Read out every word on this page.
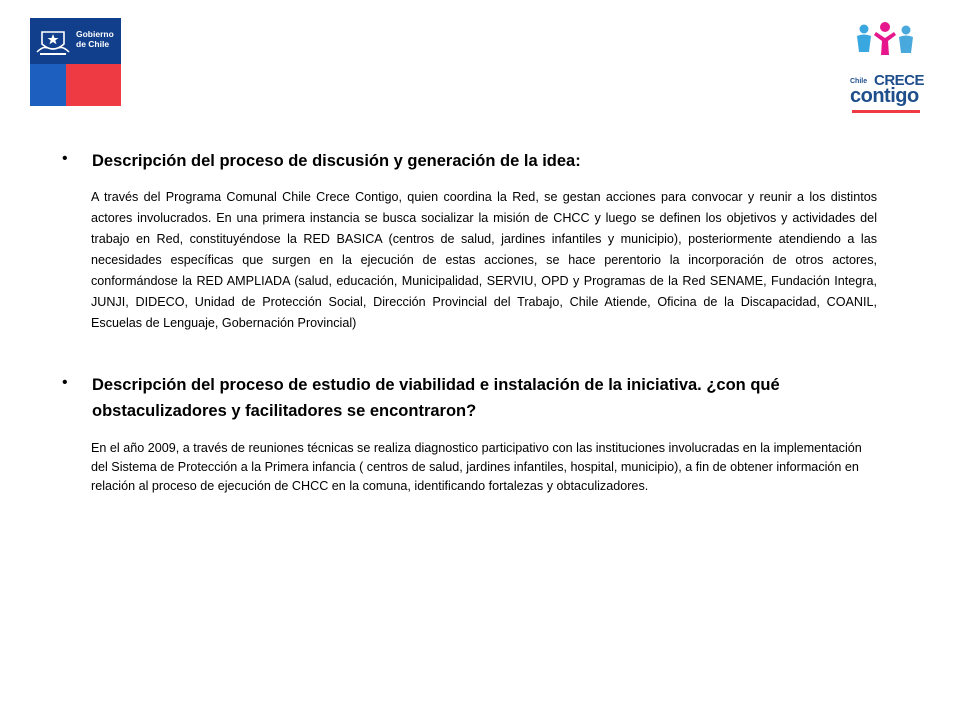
Gobierno
de Chile
Chile CRECE
contigo
• Descripción del proceso de discusión y generación de la idea:
A través del Programa Comunal Chile Crece Contigo, quien coordina la Red, se gestan acciones para convocar y reunir a los distintos actores involucrados. En una primera instancia se busca socializar la misión de CHCC y luego se definen los objetivos y actividades del trabajo en Red, constituyéndose la RED BASICA (centros de salud, jardines infantiles y municipio), posteriormente atendiendo a las necesidades específicas que surgen en la ejecución de estas acciones, se hace perentorio la incorporación de otros actores, conformándose la RED AMPLIADA (salud, educación, Municipalidad, SERVIU, OPD y Programas de la Red SENAME, Fundación Integra, JUNJI, DIDECO, Unidad de Protección Social, Dirección Provincial del Trabajo, Chile Atiende, Oficina de la Discapacidad, COANIL, Escuelas de Lenguaje, Gobernación Provincial)
• Descripción del proceso de estudio de viabilidad e instalación de la iniciativa. ¿con qué obstaculizadores y facilitadores se encontraron?
En el año 2009, a través de reuniones técnicas se realiza diagnostico participativo con las instituciones involucradas en la implementación del Sistema de Protección a la Primera infancia ( centros de salud, jardines infantiles, hospital, municipio), a fin de obtener información en relación al proceso de ejecución de CHCC en la comuna, identificando fortalezas y obtaculizadores.
